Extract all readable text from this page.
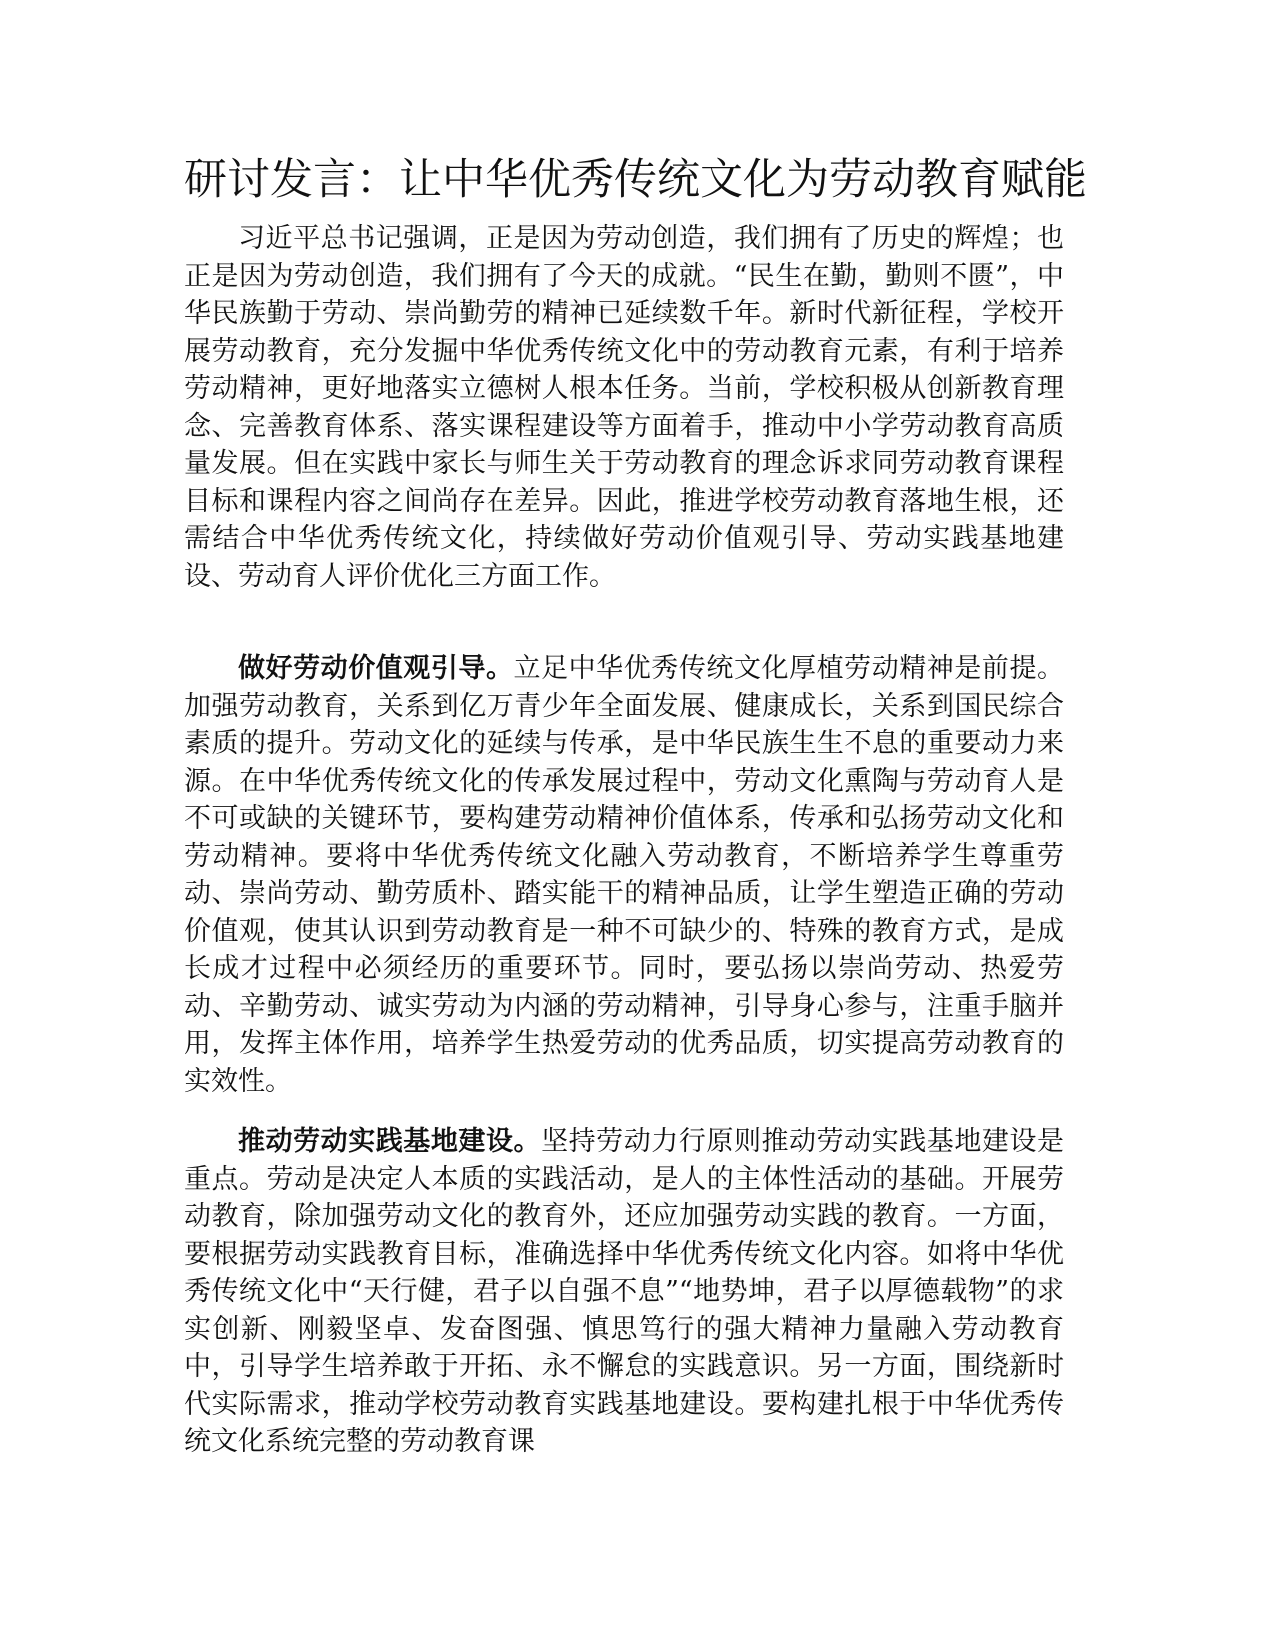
研讨发言：让中华优秀传统文化为劳动教育赋能

习近平总书记强调，正是因为劳动创造，我们拥有了历史的辉煌；也正是因为劳动创造，我们拥有了今天的成就。“民生在勤，勤则不匮”，中华民族勤于劳动、崇尚勤劳的精神已延续数千年。新时代新征程，学校开展劳动教育，充分发掘中华优秀传统文化中的劳动教育元素，有利于培养劳动精神，更好地落实立德树人根本任务。当前，学校积极从创新教育理念、完善教育体系、落实课程建设等方面着手，推动中小学劳动教育高质量发展。但在实践中家长与师生关于劳动教育的理念诉求同劳动教育课程目标和课程内容之间尚存在差异。因此，推进学校劳动教育落地生根，还需结合中华优秀传统文化，持续做好劳动价值观引导、劳动实践基地建设、劳动育人评价优化三方面工作。

做好劳动价值观引导。立足中华优秀传统文化厚植劳动精神是前提。加强劳动教育，关系到亿万青少年全面发展、健康成长，关系到国民综合素质的提升。劳动文化的延续与传承，是中华民族生生不息的重要动力来源。在中华优秀传统文化的传承发展过程中，劳动文化熏陶与劳动育人是不可或缺的关键环节，要构建劳动精神价值体系，传承和弘扬劳动文化和劳动精神。要将中华优秀传统文化融入劳动教育，不断培养学生尊重劳动、崇尚劳动、勤劳质朴、踏实能干的精神品质，让学生塑造正确的劳动价值观，使其认识到劳动教育是一种不可缺少的、特殊的教育方式，是成长成才过程中必须经历的重要环节。同时，要弘扬以崇尚劳动、热爱劳动、辛勤劳动、诚实劳动为内涵的劳动精神，引导身心参与，注重手脑并用，发挥主体作用，培养学生热爱劳动的优秀品质，切实提高劳动教育的实效性。

推动劳动实践基地建设。坚持劳动力行原则推动劳动实践基地建设是重点。劳动是决定人本质的实践活动，是人的主体性活动的基础。开展劳动教育，除加强劳动文化的教育外，还应加强劳动实践的教育。一方面，要根据劳动实践教育目标，准确选择中华优秀传统文化内容。如将中华优秀传统文化中“天行健，君子以自强不息”“地势坤，君子以厚德载物”的求实创新、刚毅坚卓、发奋图强、慎思笃行的强大精神力量融入劳动教育中，引导学生培养敢于开拓、永不懈怠的实践意识。另一方面，围绕新时代实际需求，推动学校劳动教育实践基地建设。要构建扎根于中华优秀传统文化系统完整的劳动教育课
